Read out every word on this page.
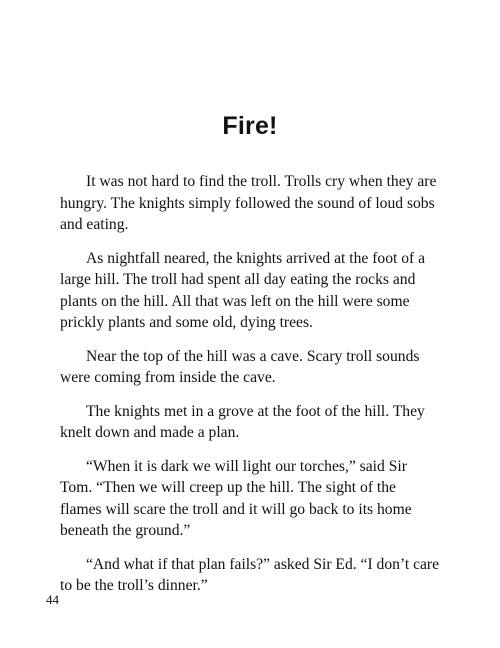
Fire!

It was not hard to find the troll. Trolls cry when they are hungry. The knights simply followed the sound of loud sobs and eating.

As nightfall neared, the knights arrived at the foot of a large hill. The troll had spent all day eating the rocks and plants on the hill. All that was left on the hill were some prickly plants and some old, dying trees.

Near the top of the hill was a cave. Scary troll sounds were coming from inside the cave.

The knights met in a grove at the foot of the hill. They knelt down and made a plan.

“When it is dark we will light our torches,” said Sir Tom. “Then we will creep up the hill. The sight of the flames will scare the troll and it will go back to its home beneath the ground.”

“And what if that plan fails?” asked Sir Ed. “I don’t care to be the troll’s dinner.”

44
